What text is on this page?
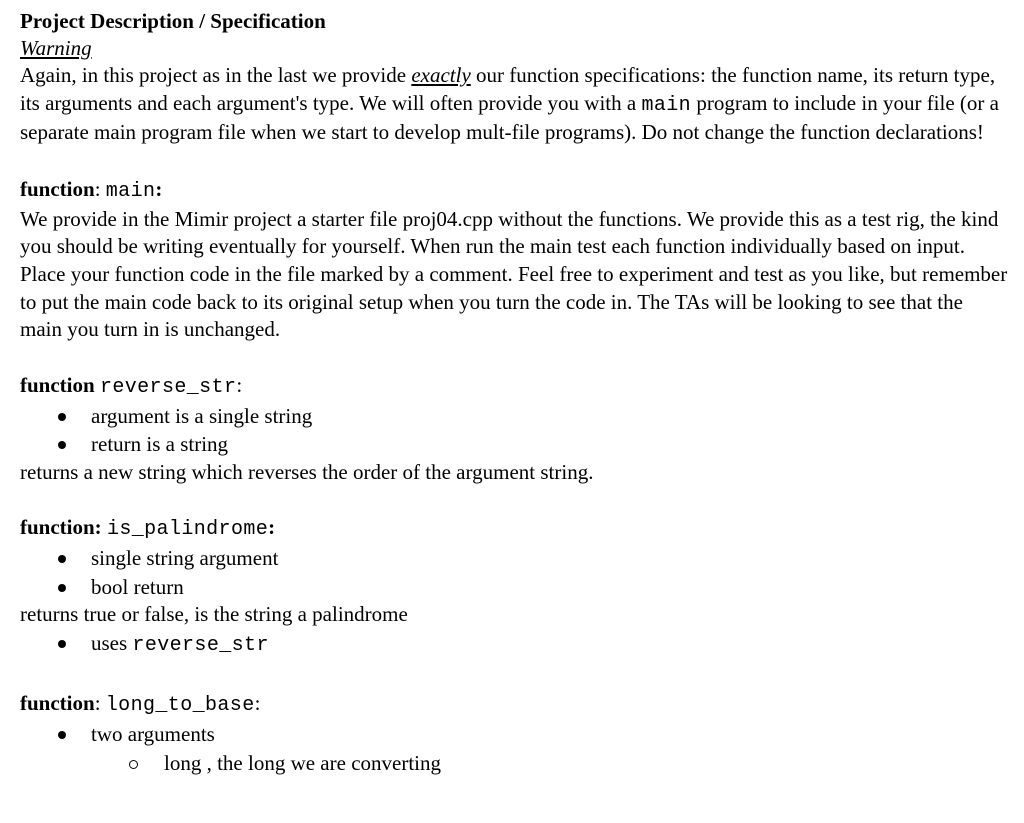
Project Description / Specification
Warning

Again, in this project as in the last we provide exactly our function specifications: the function name, its return type, its arguments and each argument's type. We will often provide you with a main program to include in your file (or a separate main program file when we start to develop mult-file programs). Do not change the function declarations!

function: main:

We provide in the Mimir project a starter file proj04.cpp without the functions. We provide this as a test rig, the kind you should be writing eventually for yourself. When run the main test each function individually based on input. Place your function code in the file marked by a comment. Feel free to experiment and test as you like, but remember to put the main code back to its original setup when you turn the code in. The TAs will be looking to see that the main you turn in is unchanged.

function reverse_str:

argument is a single string
return is a string

returns a new string which reverses the order of the argument string.

function: is_palindrome:

single string argument
bool return

returns true or false, is the string a palindrome

uses reverse_str

function: long_to_base:

two arguments
long , the long we are converting
